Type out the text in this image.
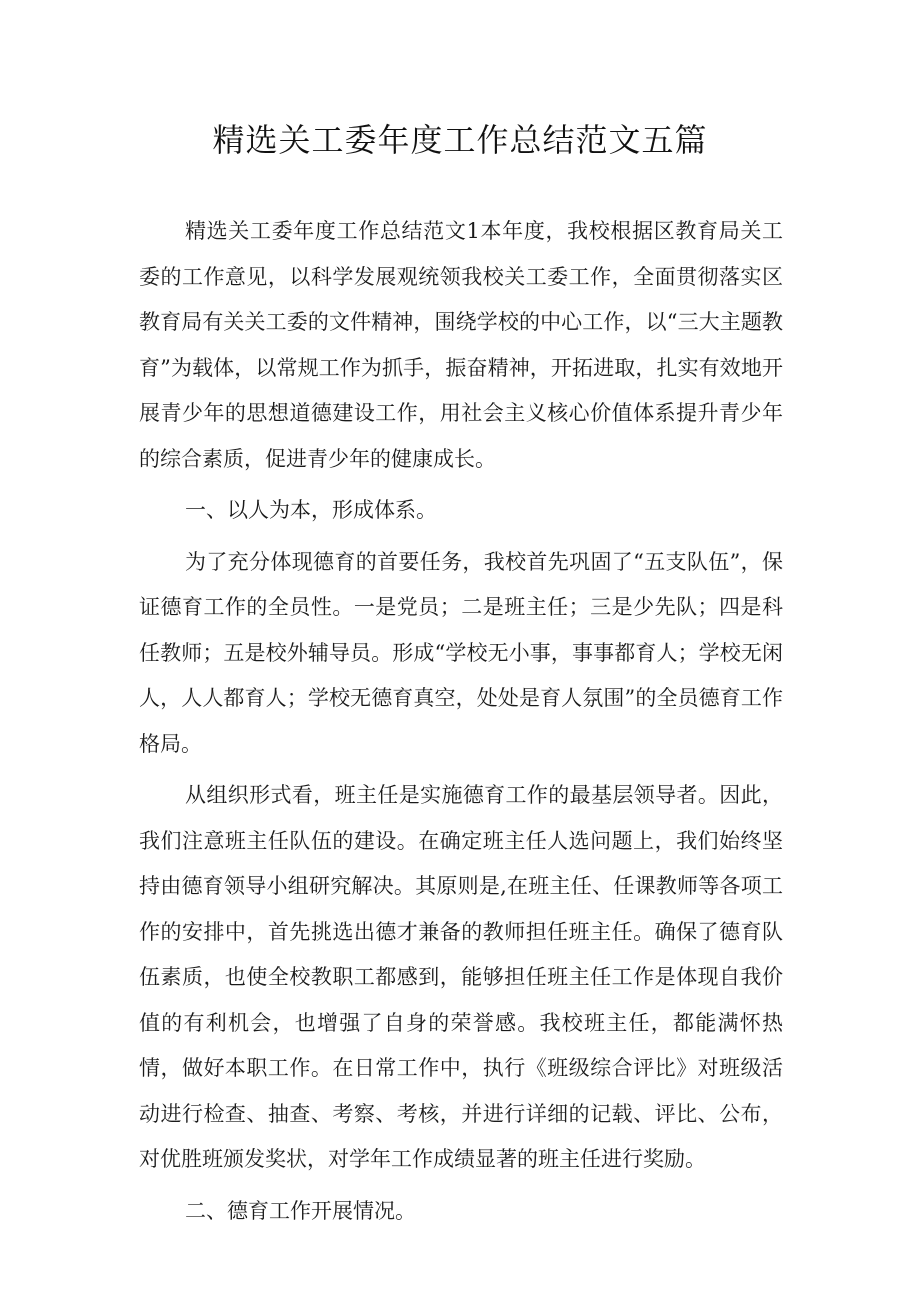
精选关工委年度工作总结范文五篇

精选关工委年度工作总结范文1本年度，我校根据区教育局关工委的工作意见，以科学发展观统领我校关工委工作，全面贯彻落实区教育局有关关工委的文件精神，围绕学校的中心工作，以“三大主题教育”为载体，以常规工作为抓手，振奋精神，开拓进取，扎实有效地开展青少年的思想道德建设工作，用社会主义核心价值体系提升青少年的综合素质，促进青少年的健康成长。

一、以人为本，形成体系。

为了充分体现德育的首要任务，我校首先巩固了“五支队伍”，保证德育工作的全员性。一是党员；二是班主任；三是少先队；四是科任教师；五是校外辅导员。形成“学校无小事，事事都育人；学校无闲人，人人都育人；学校无德育真空，处处是育人氛围”的全员德育工作格局。

从组织形式看，班主任是实施德育工作的最基层领导者。因此，我们注意班主任队伍的建设。在确定班主任人选问题上，我们始终坚持由德育领导小组研究解决。其原则是,在班主任、任课教师等各项工作的安排中，首先挑选出德才兼备的教师担任班主任。确保了德育队伍素质，也使全校教职工都感到，能够担任班主任工作是体现自我价值的有利机会，也增强了自身的荣誉感。我校班主任，都能满怀热情，做好本职工作。在日常工作中，执行《班级综合评比》对班级活动进行检查、抽查、考察、考核，并进行详细的记载、评比、公布，对优胜班颁发奖状，对学年工作成绩显著的班主任进行奖励。

二、德育工作开展情况。
